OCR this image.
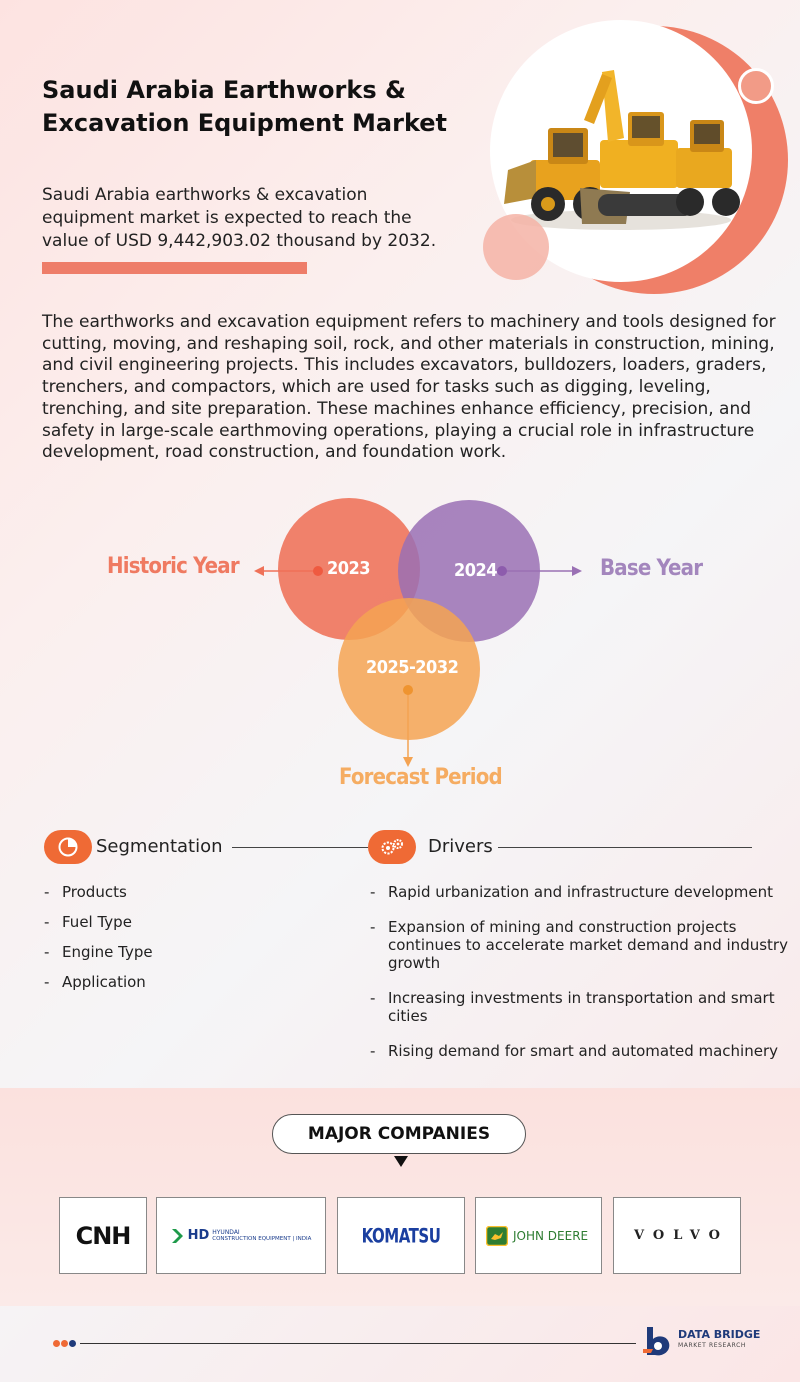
Saudi Arabia Earthworks & Excavation Equipment Market
Saudi Arabia earthworks & excavation equipment market is expected to reach the value of USD 9,442,903.02 thousand by 2032.
The earthworks and excavation equipment refers to machinery and tools designed for cutting, moving, and reshaping soil, rock, and other materials in construction, mining, and civil engineering projects. This includes excavators, bulldozers, loaders, graders, trenchers, and compactors, which are used for tasks such as digging, leveling, trenching, and site preparation. These machines enhance efficiency, precision, and safety in large-scale earthmoving operations, playing a crucial role in infrastructure development, road construction, and foundation work.
2023	2024
2025-2032
Historic Year	Base Year
Forecast Period
Segmentation
- Products
- Fuel Type
- Engine Type
- Application
Drivers
- Rapid urbanization and infrastructure development
- Expansion of mining and construction projects continues to accelerate market demand and industry growth
- Increasing investments in transportation and smart cities
- Rising demand for smart and automated machinery
MAJOR COMPANIES
CNH	HD HYUNDAI
CONSTRUCTION EQUIPMENT | INDIA	KOMATSU	JOHN DEERE	VOLVO
DATA BRIDGE
MARKET RESEARCH
